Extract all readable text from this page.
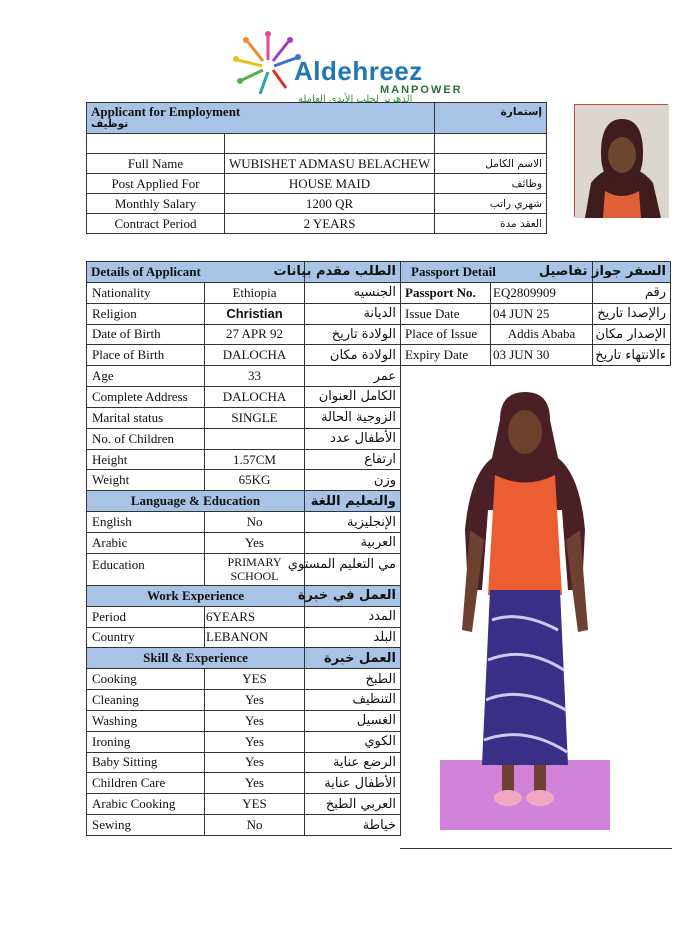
Aldehreez
MANPOWER
الدهريز لجلب الأيدي العاملة
Applicant for Employment
توظيف		إستمارة

Full Name	WUBISHET ADMASU BELACHEW	الاسم الكامل
Post Applied For	HOUSE MAID	وظائف
Monthly Salary	1200 QR	شهري راتب
Contract Period	2 YEARS	العقد مدة
Details of Applicant		الطلب مقدم بيانات
Nationality	Ethiopia	الجنسيه
Religion	Christian	الديانة
Date of Birth	27 APR 92	الولادة تاريخ
Place of Birth	DALOCHA	الولادة مكان
Age	33	عمر
Complete Address	DALOCHA	الكامل العنوان
Marital status	SINGLE	الزوجية الحالة
No. of Children		الأطفال عدد
Height	1.57CM	ارتفاع
Weight	65KG	وزن
Language & Education		والتعليم اللغة
English	No	الإنجليزية
Arabic	Yes	العربية
Education	PRIMARY SCHOOL	مي التعليم المستوي
Work Experience		العمل في خبرة
Period	6YEARS	المدد
Country	LEBANON	البلد
Skill & Experience		العمل خبرة
Cooking	YES	الطبخ
Cleaning	Yes	التنظيف
Washing	Yes	الغسيل
Ironing	Yes	الكوي
Baby Sitting	Yes	الرضع عناية
Children Care	Yes	الأطفال عناية
Arabic Cooking	YES	العربي الطبخ
Sewing	No	خياطة
Passport Detail		السفر جواز تفاصيل
Passport No.	EQ2809909	رقم
Issue Date	04 JUN 25	رالإصدا تاريخ
Place of Issue	Addis Ababa	الإصدار مكان
Expiry Date	03 JUN 30	ءالانتهاء تاريخ
